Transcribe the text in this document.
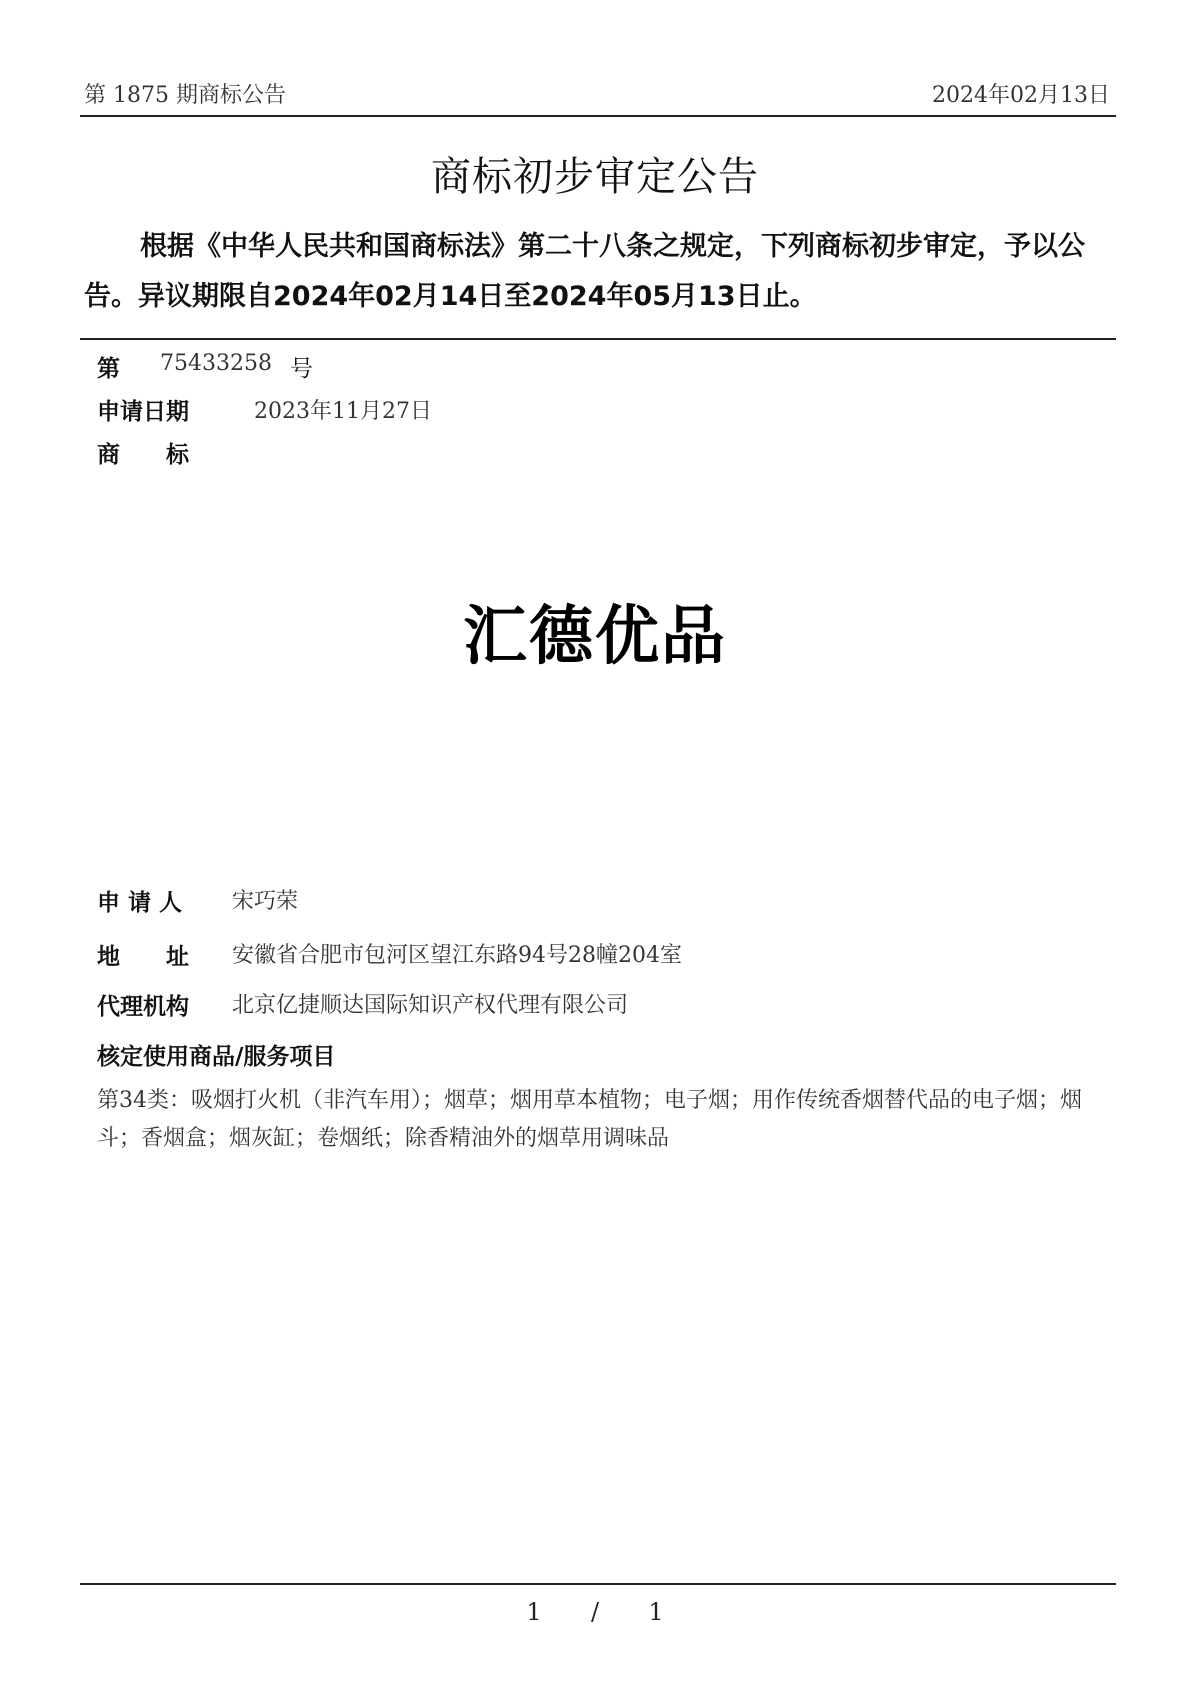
第 1875 期商标公告	2024年02月13日
商标初步审定公告
根据《中华人民共和国商标法》第二十八条之规定，下列商标初步审定，予以公告。异议期限自2024年02月14日至2024年05月13日止。
第 75433258 号
申请日期	2023年11月27日
商　　标
汇德优品
申 请 人 宋巧荣
地　　址 安徽省合肥市包河区望江东路94号28幢204室
代理机构 北京亿捷顺达国际知识产权代理有限公司
核定使用商品/服务项目
第34类：吸烟打火机（非汽车用）；烟草；烟用草本植物；电子烟；用作传统香烟替代品的电子烟；烟斗；香烟盒；烟灰缸；卷烟纸；除香精油外的烟草用调味品
1 / 1
